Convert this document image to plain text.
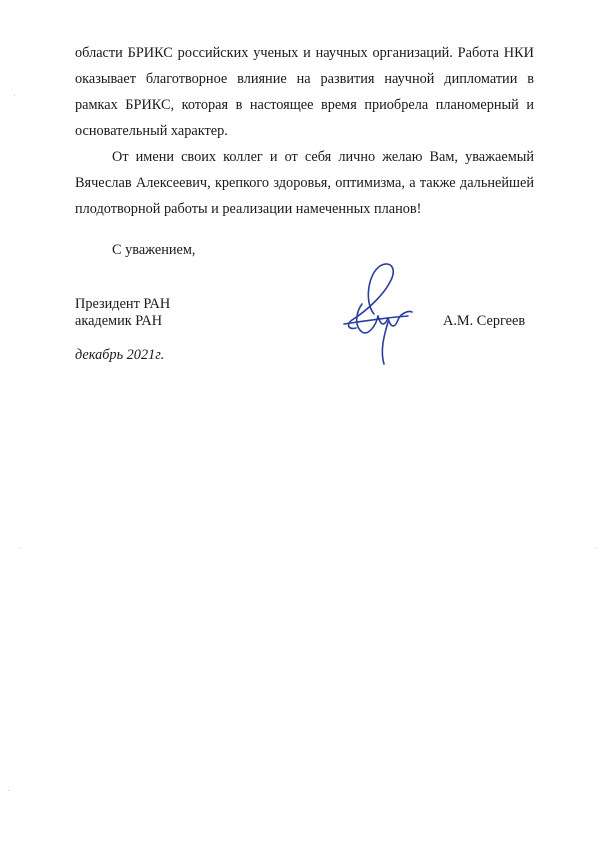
области БРИКС российских ученых и научных организаций. Работа НКИ оказывает благотворное влияние на развития научной дипломатии в рамках БРИКС, которая в настоящее время приобрела планомерный и основательный характер.

От имени своих коллег и от себя лично желаю Вам, уважаемый Вячеслав Алексеевич, крепкого здоровья, оптимизма, а также дальнейшей плодотворной работы и реализации намеченных планов!

С уважением,

Президент РАН
академик РАН	А.М. Сергеев
декабрь 2021г.
